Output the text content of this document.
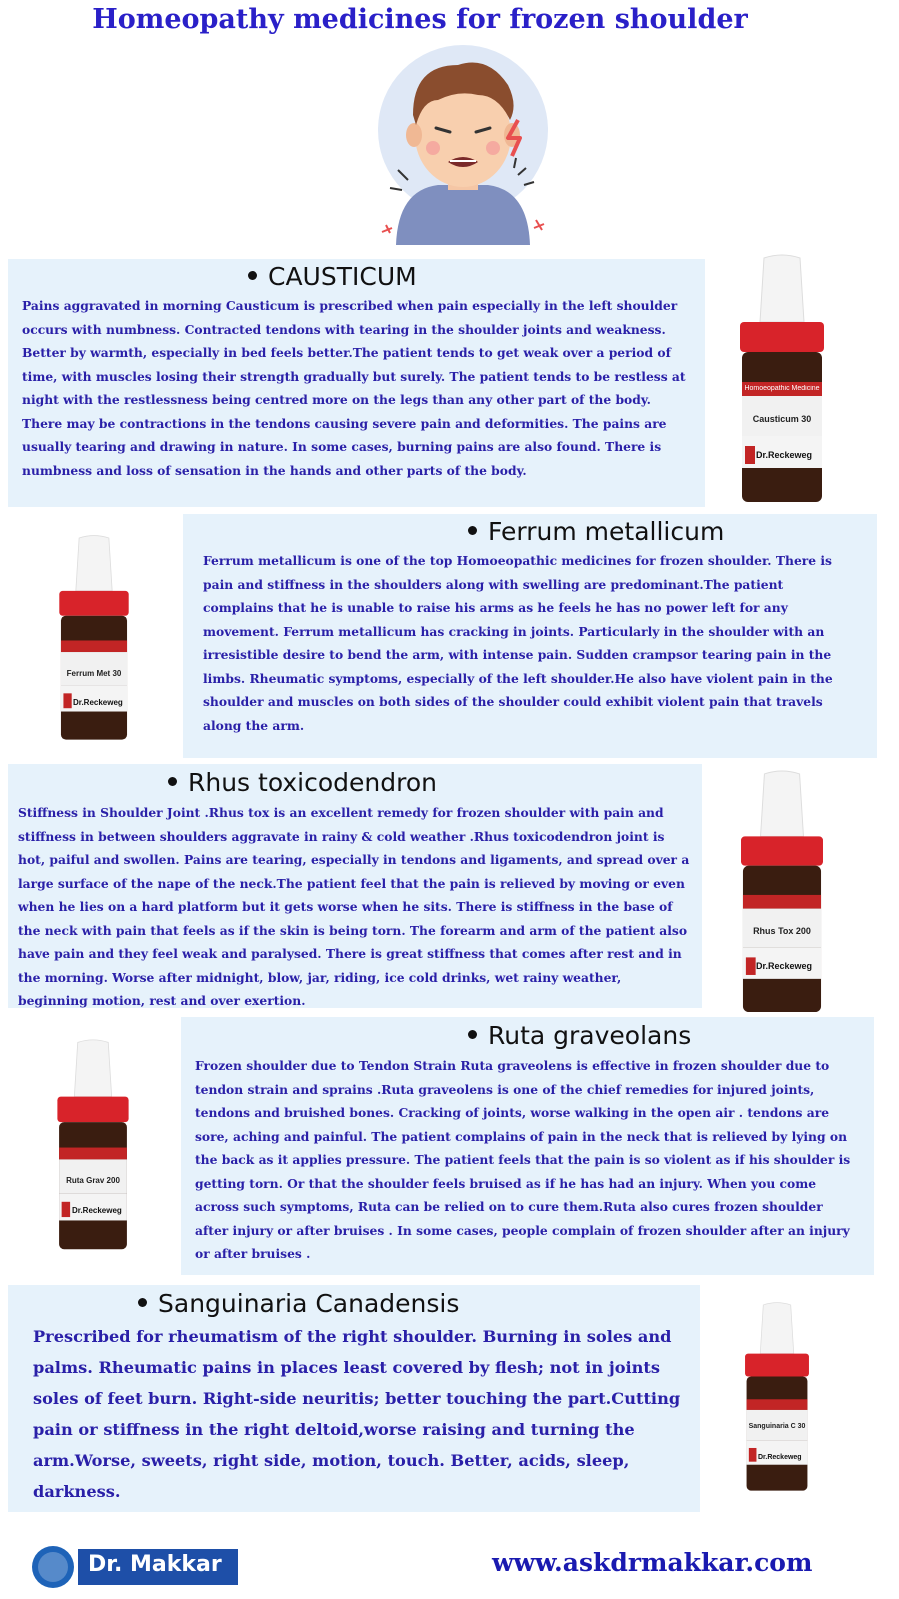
Homeopathy medicines for frozen shoulder
CAUSTICUM

Pains aggravated in morning Causticum is prescribed when pain especially in the left shoulder occurs with numbness. Contracted tendons with tearing in the shoulder joints and weakness. Better by warmth, especially in bed feels better.The patient tends to get weak over a period of time, with muscles losing their strength gradually but surely. The patient tends to be restless at night with the restlessness being centred more on the legs than any other part of the body. There may be contractions in the tendons causing severe pain and deformities. The pains are usually tearing and drawing in nature. In some cases, burning pains are also found. There is numbness and loss of sensation in the hands and other parts of the body.

Ferrum metallicum

Ferrum metallicum is one of the top Homoeopathic medicines for frozen shoulder. There is pain and stiffness in the shoulders along with swelling are predominant.The patient complains that he is unable to raise his arms as he feels he has no power left for any movement. Ferrum metallicum has cracking in joints. Particularly in the shoulder with an irresistible desire to bend the arm, with intense pain. Sudden crampsor tearing pain in the limbs. Rheumatic symptoms, especially of the left shoulder.He also have violent pain in the shoulder and muscles on both sides of the shoulder could exhibit violent pain that travels along the arm.

Rhus toxicodendron

Stiffness in Shoulder Joint .Rhus tox is an excellent remedy for frozen shoulder with pain and stiffness in between shoulders aggravate in rainy & cold weather .Rhus toxicodendron joint is hot, paiful and swollen. Pains are tearing, especially in tendons and ligaments, and spread over a large surface of the nape of the neck.The patient feel that the pain is relieved by moving or even when he lies on a hard platform but it gets worse when he sits. There is stiffness in the base of the neck with pain that feels as if the skin is being torn. The forearm and arm of the patient also have pain and they feel weak and paralysed. There is great stiffness that comes after rest and in the morning. Worse after midnight, blow, jar, riding, ice cold drinks, wet rainy weather, beginning motion, rest and over exertion.

Ruta graveolans

Frozen shoulder due to Tendon Strain Ruta graveolens is effective in frozen shoulder due to tendon strain and sprains .Ruta graveolens is one of the chief remedies for injured joints, tendons and bruished bones. Cracking of joints, worse walking in the open air . tendons are sore, aching and painful. The patient complains of pain in the neck that is relieved by lying on the back as it applies pressure. The patient feels that the pain is so violent as if his shoulder is getting torn. Or that the shoulder feels bruised as if he has had an injury. When you come across such symptoms, Ruta can be relied on to cure them.Ruta also cures frozen shoulder after injury or after bruises . In some cases, people complain of frozen shoulder after an injury or after bruises .

Sanguinaria Canadensis

Prescribed for rheumatism of the right shoulder. Burning in soles and palms. Rheumatic pains in places least covered by flesh; not in joints soles of feet burn. Right-side neuritis; better touching the part.Cutting pain or stiffness in the right deltoid,worse raising and turning the arm.Worse, sweets, right side, motion, touch. Better, acids, sleep, darkness.

Homoeopathic Medicine
Causticum 30
Dr.Reckeweg
Ferrum Met 30
Dr.Reckeweg
Rhus Tox 200
Dr.Reckeweg
Ruta Grav 200
Dr.Reckeweg
Sanguinaria C 30
Dr.Reckeweg
Dr. Makkar	www.askdrmakkar.com
